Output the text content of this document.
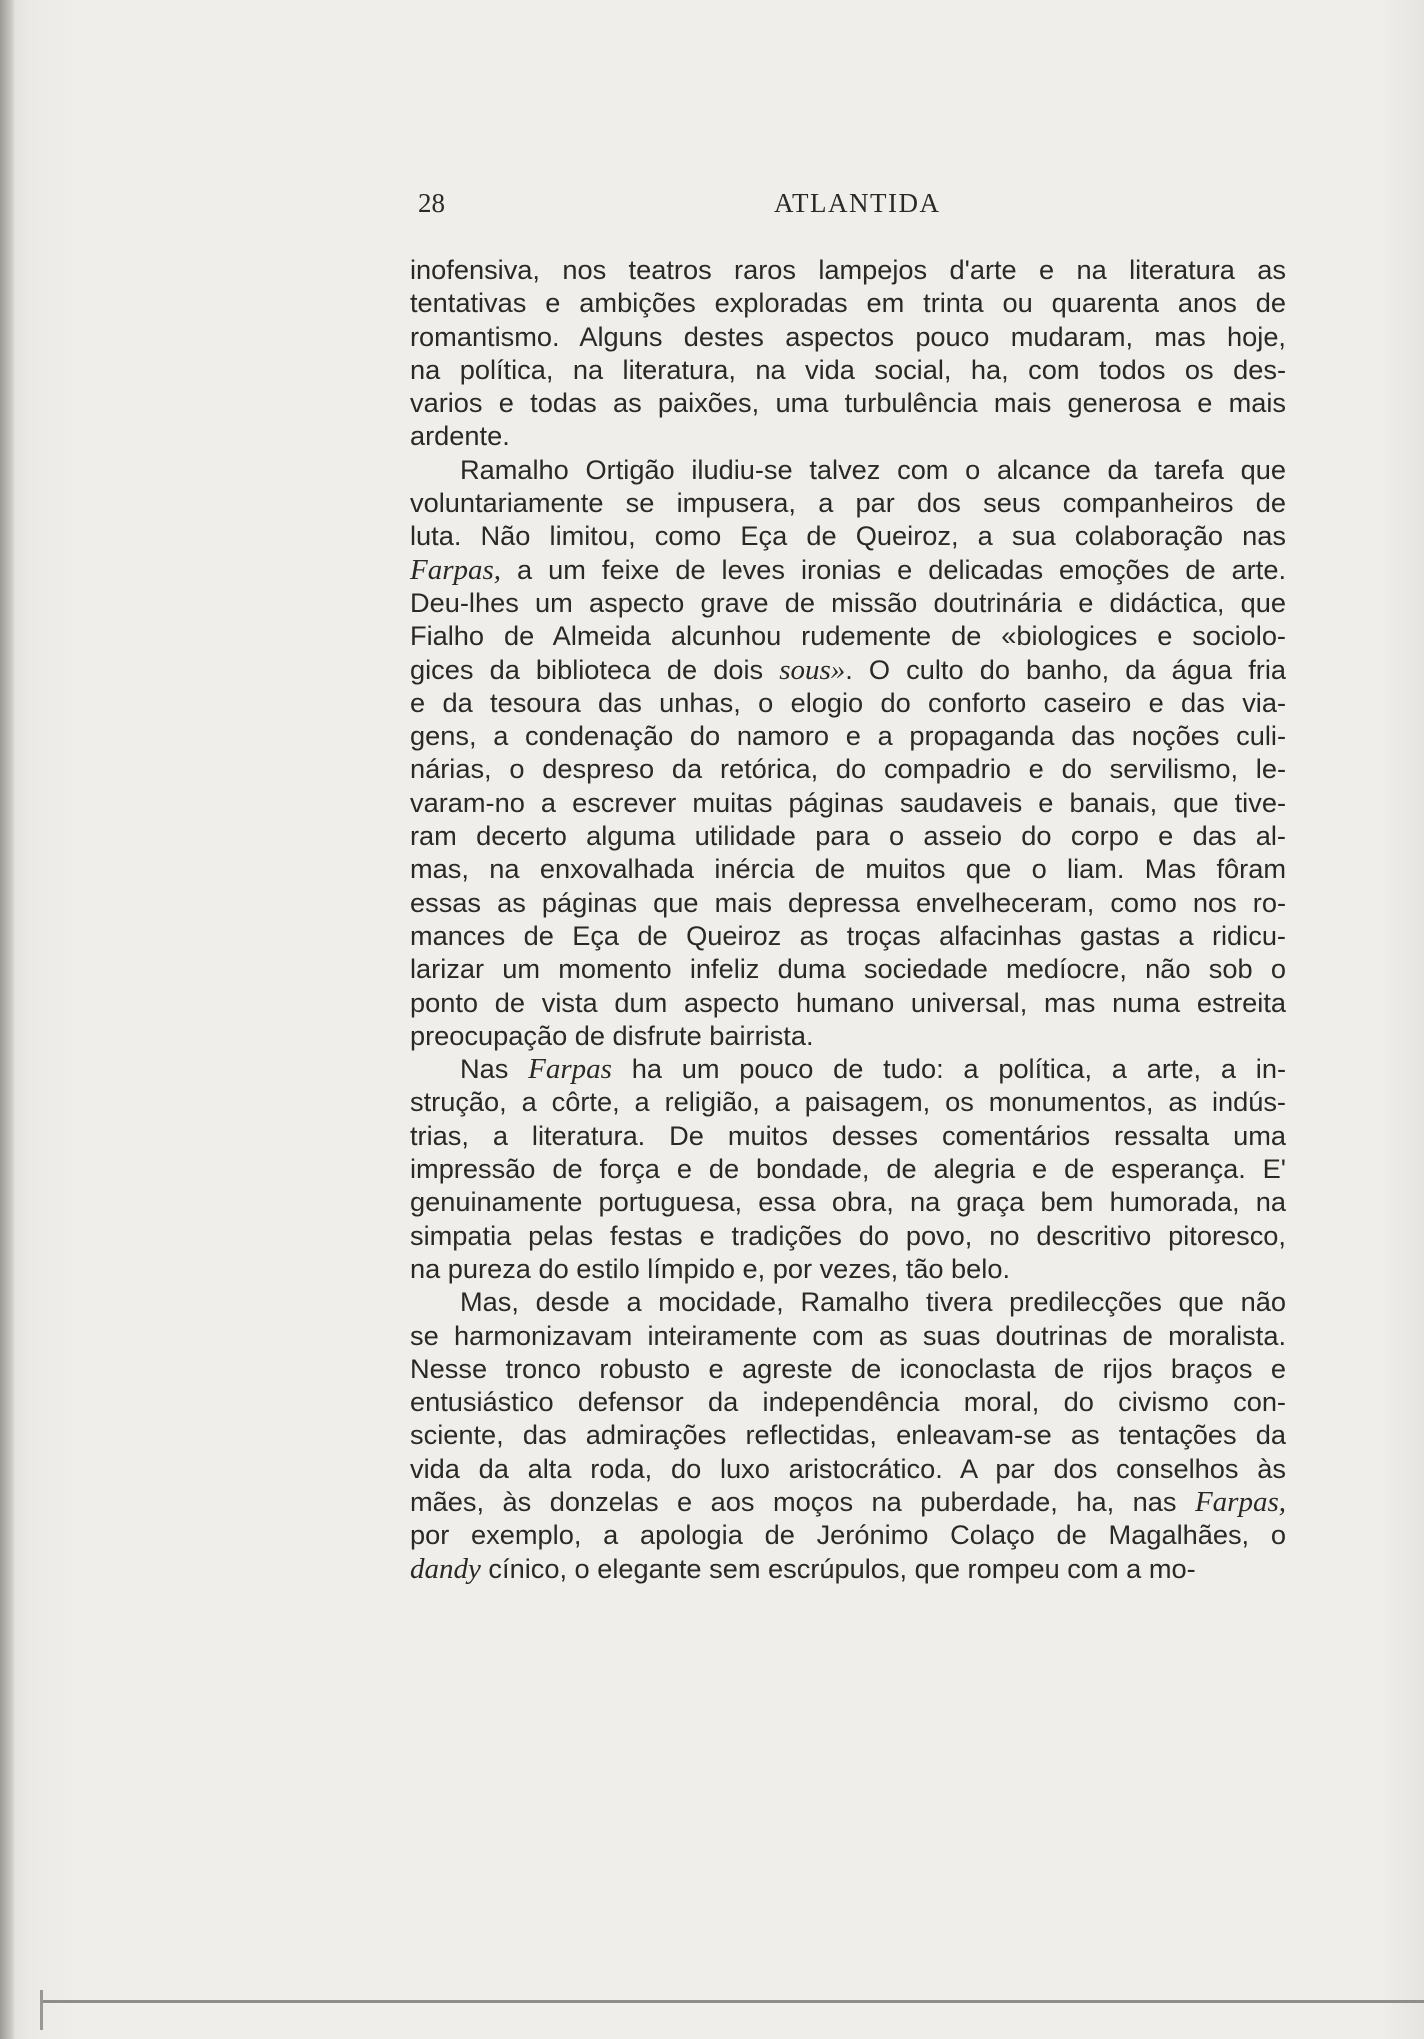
28	ATLANTIDA
inofensiva, nos teatros raros lampejos d'arte e na literatura as
tentativas e ambições exploradas em trinta ou quarenta anos de
romantismo. Alguns destes aspectos pouco mudaram, mas hoje,
na política, na literatura, na vida social, ha, com todos os des-
varios e todas as paixões, uma turbulência mais generosa e mais
ardente.
Ramalho Ortigão iludiu-se talvez com o alcance da tarefa que
voluntariamente se impusera, a par dos seus companheiros de
luta. Não limitou, como Eça de Queiroz, a sua colaboração nas
Farpas, a um feixe de leves ironias e delicadas emoções de arte.
Deu-lhes um aspecto grave de missão doutrinária e didáctica, que
Fialho de Almeida alcunhou rudemente de «biologices e sociolo-
gices da biblioteca de dois sous». O culto do banho, da água fria
e da tesoura das unhas, o elogio do conforto caseiro e das via-
gens, a condenação do namoro e a propaganda das noções culi-
nárias, o despreso da retórica, do compadrio e do servilismo, le-
varam-no a escrever muitas páginas saudaveis e banais, que tive-
ram decerto alguma utilidade para o asseio do corpo e das al-
mas, na enxovalhada inércia de muitos que o liam. Mas fôram
essas as páginas que mais depressa envelheceram, como nos ro-
mances de Eça de Queiroz as troças alfacinhas gastas a ridicu-
larizar um momento infeliz duma sociedade medíocre, não sob o
ponto de vista dum aspecto humano universal, mas numa estreita
preocupação de disfrute bairrista.
Nas Farpas ha um pouco de tudo: a política, a arte, a in-
strução, a côrte, a religião, a paisagem, os monumentos, as indús-
trias, a literatura. De muitos desses comentários ressalta uma
impressão de força e de bondade, de alegria e de esperança. E'
genuinamente portuguesa, essa obra, na graça bem humorada, na
simpatia pelas festas e tradições do povo, no descritivo pitoresco,
na pureza do estilo límpido e, por vezes, tão belo.
Mas, desde a mocidade, Ramalho tivera predilecções que não
se harmonizavam inteiramente com as suas doutrinas de moralista.
Nesse tronco robusto e agreste de iconoclasta de rijos braços e
entusiástico defensor da independência moral, do civismo con-
sciente, das admirações reflectidas, enleavam-se as tentações da
vida da alta roda, do luxo aristocrático. A par dos conselhos às
mães, às donzelas e aos moços na puberdade, ha, nas Farpas,
por exemplo, a apologia de Jerónimo Colaço de Magalhães, o
dandy cínico, o elegante sem escrúpulos, que rompeu com a mo-
